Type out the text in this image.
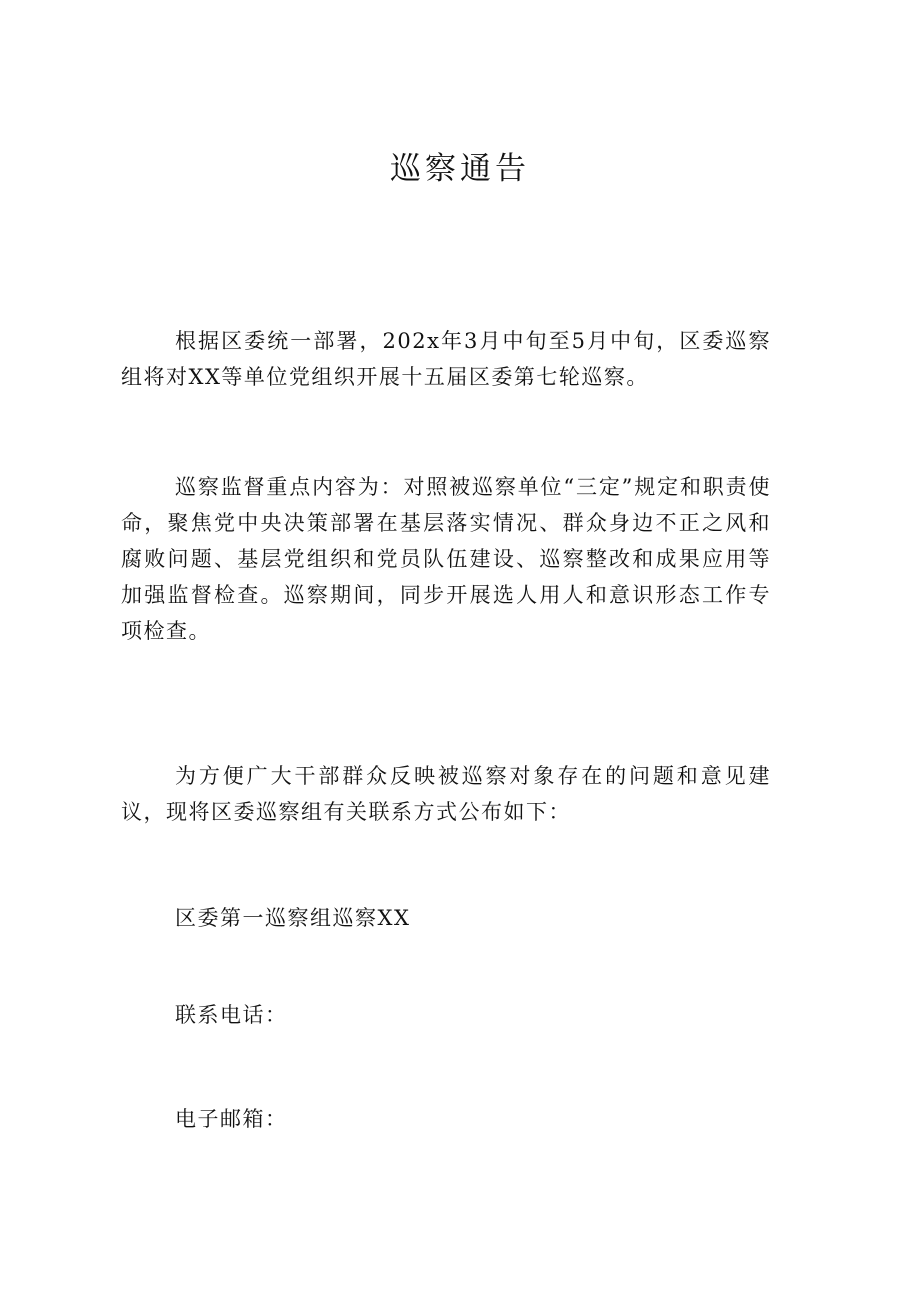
巡察通告

根据区委统一部署，202x年3月中旬至5月中旬，区委巡察组将对XX等单位党组织开展十五届区委第七轮巡察。

巡察监督重点内容为：对照被巡察单位“三定”规定和职责使命，聚焦党中央决策部署在基层落实情况、群众身边不正之风和腐败问题、基层党组织和党员队伍建设、巡察整改和成果应用等加强监督检查。巡察期间，同步开展选人用人和意识形态工作专项检查。

为方便广大干部群众反映被巡察对象存在的问题和意见建议，现将区委巡察组有关联系方式公布如下：

区委第一巡察组巡察XX

联系电话：

电子邮箱：
